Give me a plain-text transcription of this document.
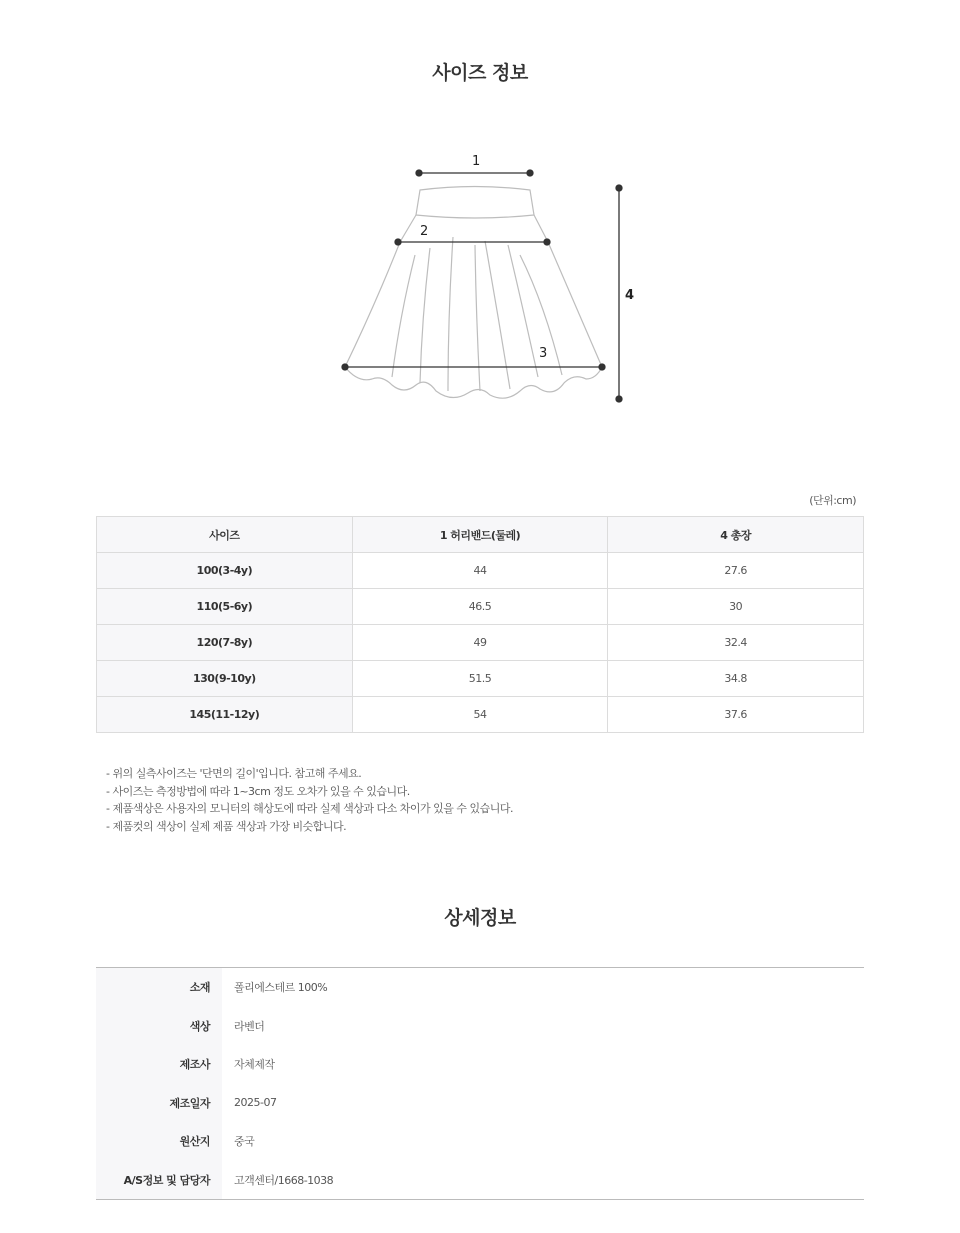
사이즈 정보
1
2
3
4
(단위:cm)
사이즈	1 허리밴드(둘레)	4 총장
100(3-4y)	44	27.6
110(5-6y)	46.5	30
120(7-8y)	49	32.4
130(9-10y)	51.5	34.8
145(11-12y)	54	37.6
- 위의 실측사이즈는 '단면의 길이'입니다. 참고해 주세요.
- 사이즈는 측정방법에 따라 1~3cm 정도 오차가 있을 수 있습니다.
- 제품색상은 사용자의 모니터의 해상도에 따라 실제 색상과 다소 차이가 있을 수 있습니다.
- 제품컷의 색상이 실제 제품 색상과 가장 비슷합니다.
상세정보
소재	폴리에스테르 100%
색상	라벤더
제조사	자체제작
제조일자	2025-07
원산지	중국
A/S정보 및 담당자	고객센터/1668-1038
